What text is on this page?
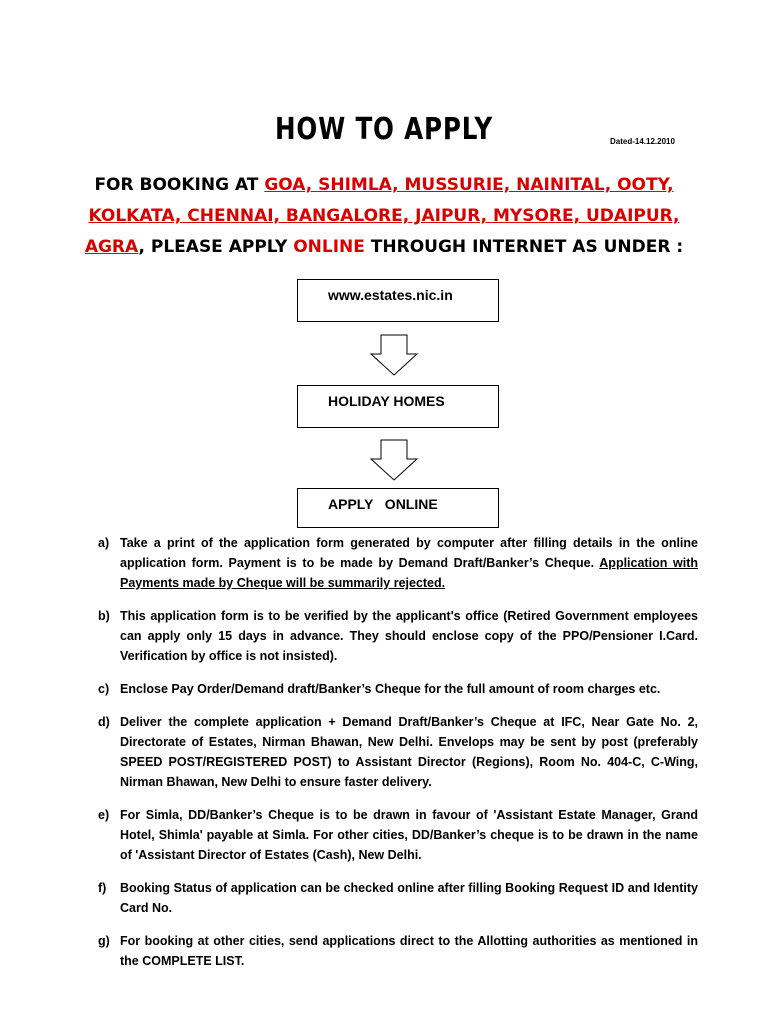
HOW TO APPLY	Dated-14.12.2010
FOR BOOKING AT GOA, SHIMLA, MUSSURIE, NAINITAL, OOTY,
KOLKATA, CHENNAI, BANGALORE, JAIPUR, MYSORE, UDAIPUR,
AGRA, PLEASE APPLY ONLINE THROUGH INTERNET AS UNDER :
www.estates.nic.in
HOLIDAY HOMES
APPLY   ONLINE
a) Take a print of the application form generated by computer after filling details in the online application form. Payment is to be made by Demand Draft/Banker’s Cheque. Application with Payments made by Cheque will be summarily rejected.
b) This application form is to be verified by the applicant's office (Retired Government employees can apply only 15 days in advance. They should enclose copy of the PPO/Pensioner I.Card. Verification by office is not insisted).
c) Enclose Pay Order/Demand draft/Banker’s Cheque for the full amount of room charges etc.
d) Deliver the complete application + Demand Draft/Banker’s Cheque at IFC, Near Gate No. 2, Directorate of Estates, Nirman Bhawan, New Delhi. Envelops may be sent by post (preferably SPEED POST/REGISTERED POST) to Assistant Director (Regions), Room No. 404-C, C-Wing, Nirman Bhawan, New Delhi to ensure faster delivery.
e) For Simla, DD/Banker’s Cheque is to be drawn in favour of 'Assistant Estate Manager, Grand Hotel, Shimla' payable at Simla. For other cities, DD/Banker’s cheque is to be drawn in the name of 'Assistant Director of Estates (Cash), New Delhi.
f) Booking Status of application can be checked online after filling Booking Request ID and Identity Card No.
g) For booking at other cities, send applications direct to the Allotting authorities as mentioned in the COMPLETE LIST.
